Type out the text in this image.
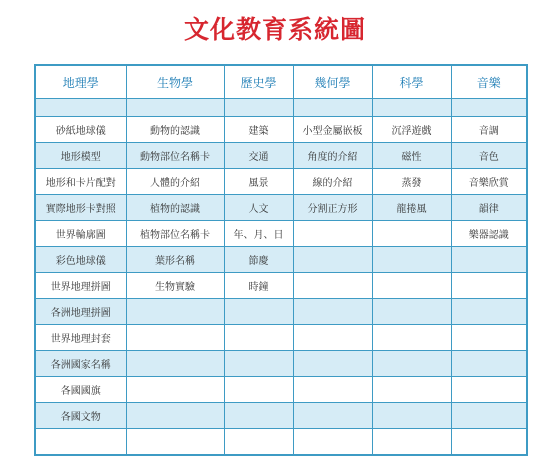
文化教育系統圖
地理學	生物學	歷史學	幾何學	科學	音樂

砂紙地球儀	動物的認識	建築	小型金屬嵌板	沉浮遊戲	音調
地形模型	動物部位名稱卡	交通	角度的介紹	磁性	音色
地形和卡片配對	人體的介紹	風景	線的介紹	蒸發	音樂欣賞
實際地形卡對照	植物的認識	人文	分割正方形	龍捲風	韻律
世界輪廓圖	植物部位名稱卡	年、月、日			樂器認識
彩色地球儀	葉形名稱	節慶			
世界地理拼圖	生物實驗	時鐘			
各洲地理拼圖					
世界地理封套					
各洲國家名稱					
各國國旗					
各國文物					
